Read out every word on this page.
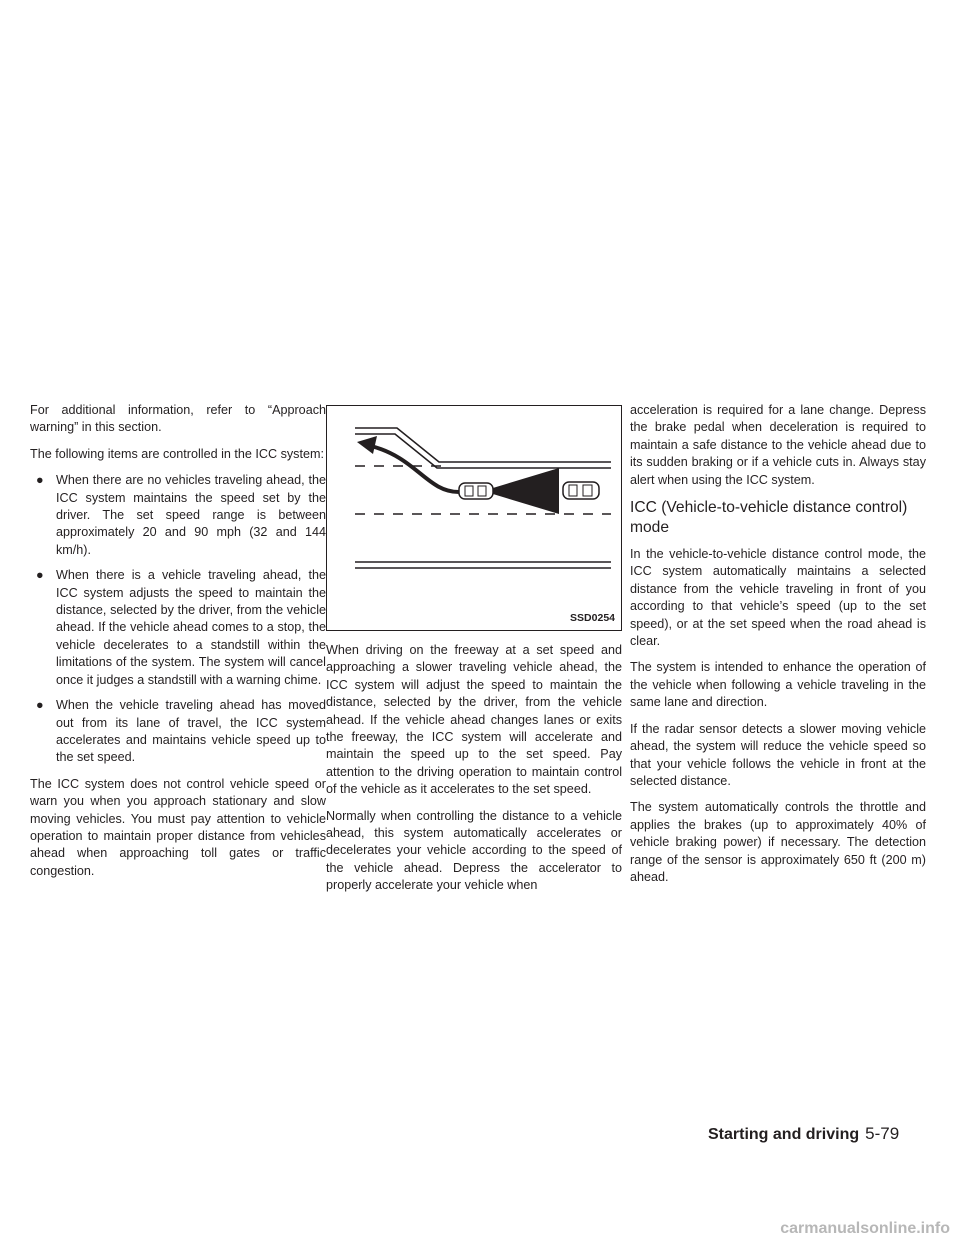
For additional information, refer to “Approach warning” in this section.

The following items are controlled in the ICC system:

● When there are no vehicles traveling ahead, the ICC system maintains the speed set by the driver. The set speed range is between approximately 20 and 90 mph (32 and 144 km/h).
● When there is a vehicle traveling ahead, the ICC system adjusts the speed to maintain the distance, selected by the driver, from the vehicle ahead. If the vehicle ahead comes to a stop, the vehicle decelerates to a standstill within the limitations of the system. The system will cancel once it judges a standstill with a warning chime.
● When the vehicle traveling ahead has moved out from its lane of travel, the ICC system accelerates and maintains vehicle speed up to the set speed.

The ICC system does not control vehicle speed or warn you when you approach stationary and slow moving vehicles. You must pay attention to vehicle operation to maintain proper distance from vehicles ahead when approaching toll gates or traffic congestion.

SSD0254

When driving on the freeway at a set speed and approaching a slower traveling vehicle ahead, the ICC system will adjust the speed to maintain the distance, selected by the driver, from the vehicle ahead. If the vehicle ahead changes lanes or exits the freeway, the ICC system will accelerate and maintain the speed up to the set speed. Pay attention to the driving operation to maintain control of the vehicle as it accelerates to the set speed.

Normally when controlling the distance to a vehicle ahead, this system automatically accelerates or decelerates your vehicle according to the speed of the vehicle ahead. Depress the accelerator to properly accelerate your vehicle when

acceleration is required for a lane change. Depress the brake pedal when deceleration is required to maintain a safe distance to the vehicle ahead due to its sudden braking or if a vehicle cuts in. Always stay alert when using the ICC system.

ICC (Vehicle-to-vehicle distance control) mode

In the vehicle-to-vehicle distance control mode, the ICC system automatically maintains a selected distance from the vehicle traveling in front of you according to that vehicle’s speed (up to the set speed), or at the set speed when the road ahead is clear.

The system is intended to enhance the operation of the vehicle when following a vehicle traveling in the same lane and direction.

If the radar sensor detects a slower moving vehicle ahead, the system will reduce the vehicle speed so that your vehicle follows the vehicle in front at the selected distance.

The system automatically controls the throttle and applies the brakes (up to approximately 40% of vehicle braking power) if necessary. The detection range of the sensor is approximately 650 ft (200 m) ahead.

Starting and driving 5-79
carmanualsonline.info
